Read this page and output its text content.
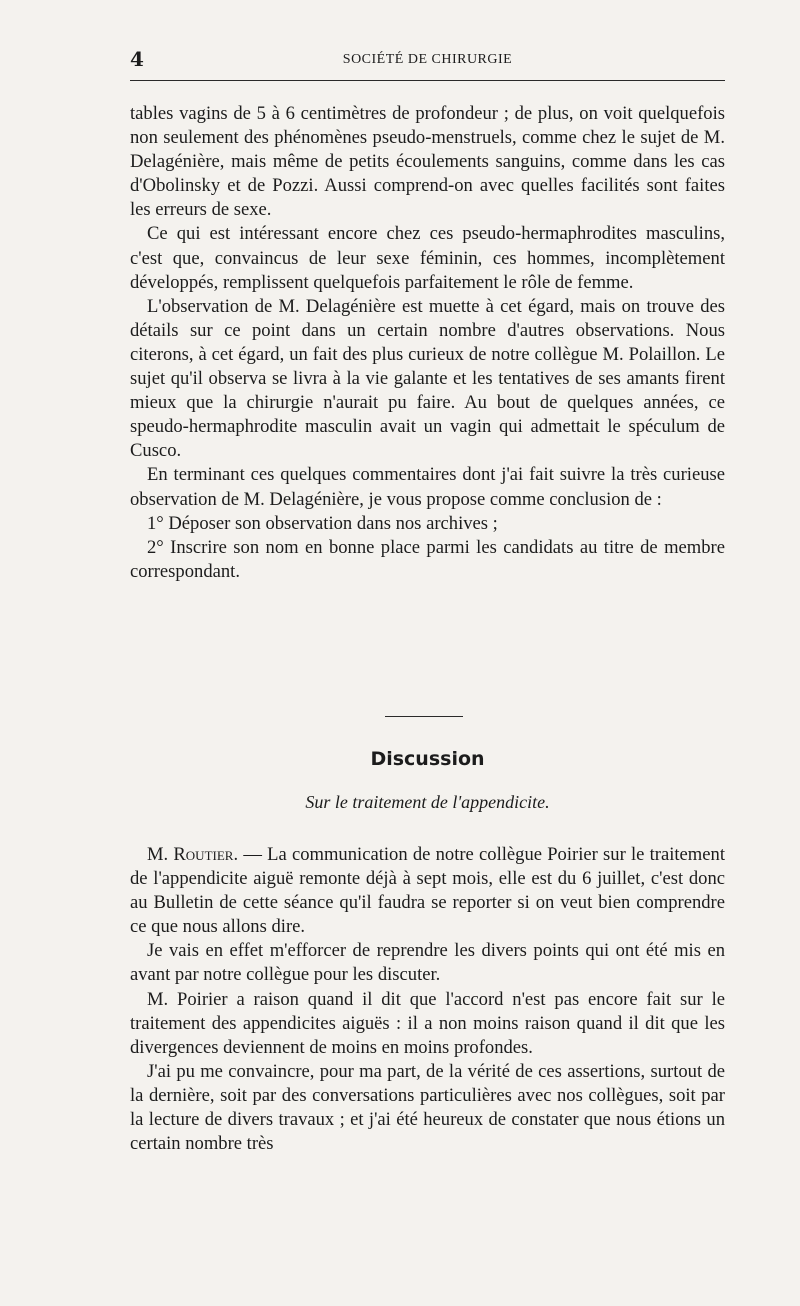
4	SOCIÉTÉ DE CHIRURGIE

tables vagins de 5 à 6 centimètres de profondeur ; de plus, on voit quelquefois non seulement des phénomènes pseudo-menstruels, comme chez le sujet de M. Delagénière, mais même de petits écoulements sanguins, comme dans les cas d'Obolinsky et de Pozzi. Aussi comprend-on avec quelles facilités sont faites les erreurs de sexe.

Ce qui est intéressant encore chez ces pseudo-hermaphrodites masculins, c'est que, convaincus de leur sexe féminin, ces hommes, incomplètement développés, remplissent quelquefois parfaitement le rôle de femme.

L'observation de M. Delagénière est muette à cet égard, mais on trouve des détails sur ce point dans un certain nombre d'autres observations. Nous citerons, à cet égard, un fait des plus curieux de notre collègue M. Polaillon. Le sujet qu'il observa se livra à la vie galante et les tentatives de ses amants firent mieux que la chirurgie n'aurait pu faire. Au bout de quelques années, ce speudo-hermaphrodite masculin avait un vagin qui admettait le spéculum de Cusco.

En terminant ces quelques commentaires dont j'ai fait suivre la très curieuse observation de M. Delagénière, je vous propose comme conclusion de :

1° Déposer son observation dans nos archives ;

2° Inscrire son nom en bonne place parmi les candidats au titre de membre correspondant.

Discussion
Sur le traitement de l'appendicite.

M. Routier. — La communication de notre collègue Poirier sur le traitement de l'appendicite aiguë remonte déjà à sept mois, elle est du 6 juillet, c'est donc au Bulletin de cette séance qu'il faudra se reporter si on veut bien comprendre ce que nous allons dire.

Je vais en effet m'efforcer de reprendre les divers points qui ont été mis en avant par notre collègue pour les discuter.

M. Poirier a raison quand il dit que l'accord n'est pas encore fait sur le traitement des appendicites aiguës : il a non moins raison quand il dit que les divergences deviennent de moins en moins profondes.

J'ai pu me convaincre, pour ma part, de la vérité de ces assertions, surtout de la dernière, soit par des conversations particulières avec nos collègues, soit par la lecture de divers travaux ; et j'ai été heureux de constater que nous étions un certain nombre très
